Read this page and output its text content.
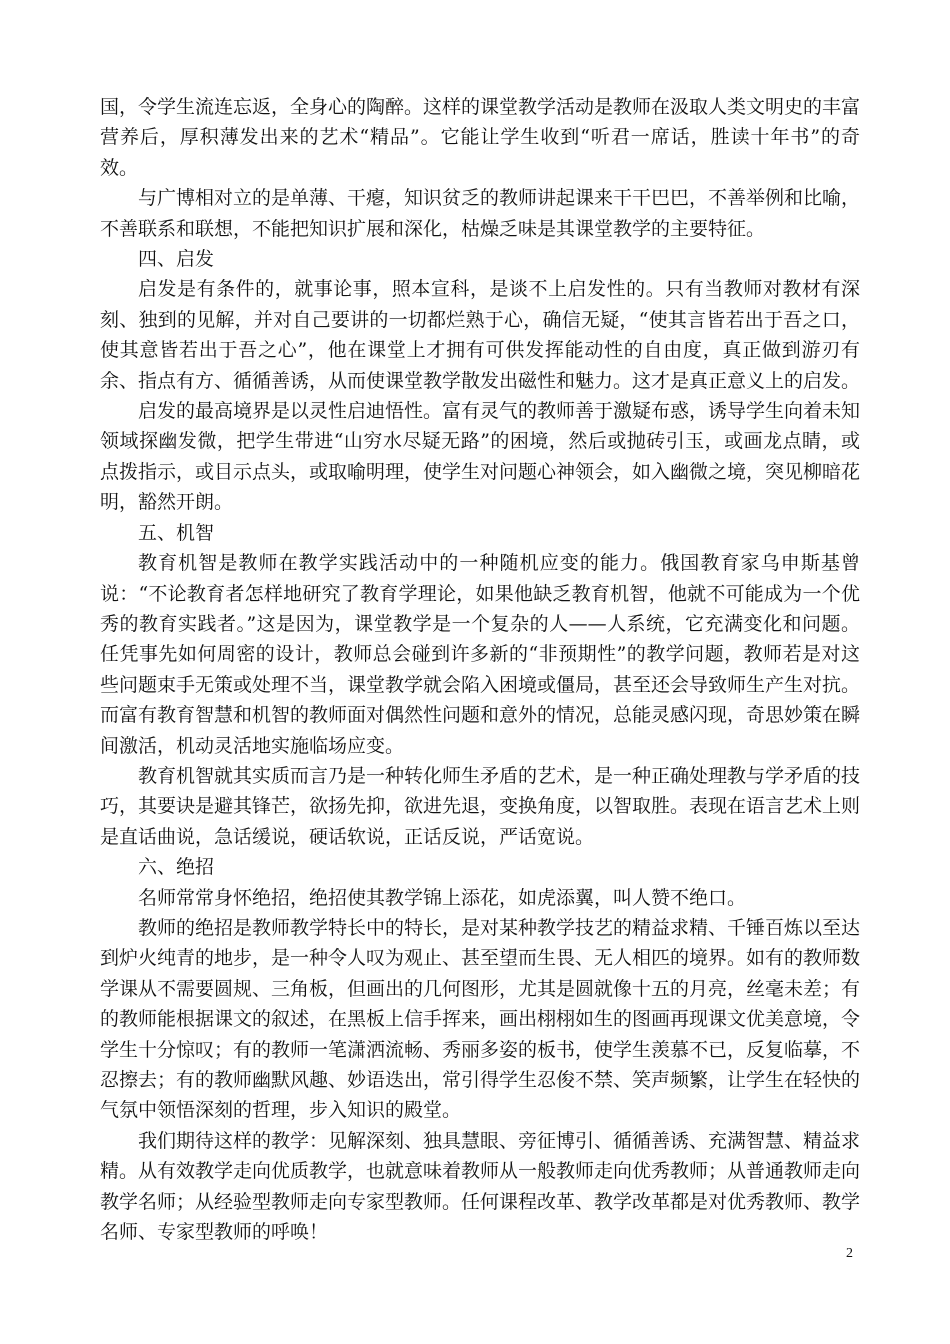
国，令学生流连忘返，全身心的陶醉。这样的课堂教学活动是教师在汲取人类文明史的丰富营养后，厚积薄发出来的艺术“精品”。它能让学生收到“听君一席话，胜读十年书”的奇效。

与广博相对立的是单薄、干瘪，知识贫乏的教师讲起课来干干巴巴，不善举例和比喻，不善联系和联想，不能把知识扩展和深化，枯燥乏味是其课堂教学的主要特征。

四、启发

启发是有条件的，就事论事，照本宣科，是谈不上启发性的。只有当教师对教材有深刻、独到的见解，并对自己要讲的一切都烂熟于心，确信无疑，“使其言皆若出于吾之口，使其意皆若出于吾之心”，他在课堂上才拥有可供发挥能动性的自由度，真正做到游刃有余、指点有方、循循善诱，从而使课堂教学散发出磁性和魅力。这才是真正意义上的启发。

启发的最高境界是以灵性启迪悟性。富有灵气的教师善于激疑布惑，诱导学生向着未知领域探幽发微，把学生带进“山穷水尽疑无路”的困境，然后或抛砖引玉，或画龙点睛，或点拨指示，或目示点头，或取喻明理，使学生对问题心神领会，如入幽微之境，突见柳暗花明，豁然开朗。

五、机智

教育机智是教师在教学实践活动中的一种随机应变的能力。俄国教育家乌申斯基曾说：“不论教育者怎样地研究了教育学理论，如果他缺乏教育机智，他就不可能成为一个优秀的教育实践者。”这是因为，课堂教学是一个复杂的人——人系统，它充满变化和问题。任凭事先如何周密的设计，教师总会碰到许多新的“非预期性”的教学问题，教师若是对这些问题束手无策或处理不当，课堂教学就会陷入困境或僵局，甚至还会导致师生产生对抗。而富有教育智慧和机智的教师面对偶然性问题和意外的情况，总能灵感闪现，奇思妙策在瞬间激活，机动灵活地实施临场应变。

教育机智就其实质而言乃是一种转化师生矛盾的艺术，是一种正确处理教与学矛盾的技巧，其要诀是避其锋芒，欲扬先抑，欲进先退，变换角度，以智取胜。表现在语言艺术上则是直话曲说，急话缓说，硬话软说，正话反说，严话宽说。

六、绝招

名师常常身怀绝招，绝招使其教学锦上添花，如虎添翼，叫人赞不绝口。

教师的绝招是教师教学特长中的特长，是对某种教学技艺的精益求精、千锤百炼以至达到炉火纯青的地步，是一种令人叹为观止、甚至望而生畏、无人相匹的境界。如有的教师数学课从不需要圆规、三角板，但画出的几何图形，尤其是圆就像十五的月亮，丝毫未差；有的教师能根据课文的叙述，在黑板上信手挥来，画出栩栩如生的图画再现课文优美意境，令学生十分惊叹；有的教师一笔潇洒流畅、秀丽多姿的板书，使学生羡慕不已，反复临摹，不忍擦去；有的教师幽默风趣、妙语迭出，常引得学生忍俊不禁、笑声频繁，让学生在轻快的气氛中领悟深刻的哲理，步入知识的殿堂。

我们期待这样的教学：见解深刻、独具慧眼、旁征博引、循循善诱、充满智慧、精益求精。从有效教学走向优质教学，也就意味着教师从一般教师走向优秀教师；从普通教师走向教学名师；从经验型教师走向专家型教师。任何课程改革、教学改革都是对优秀教师、教学名师、专家型教师的呼唤！

2
